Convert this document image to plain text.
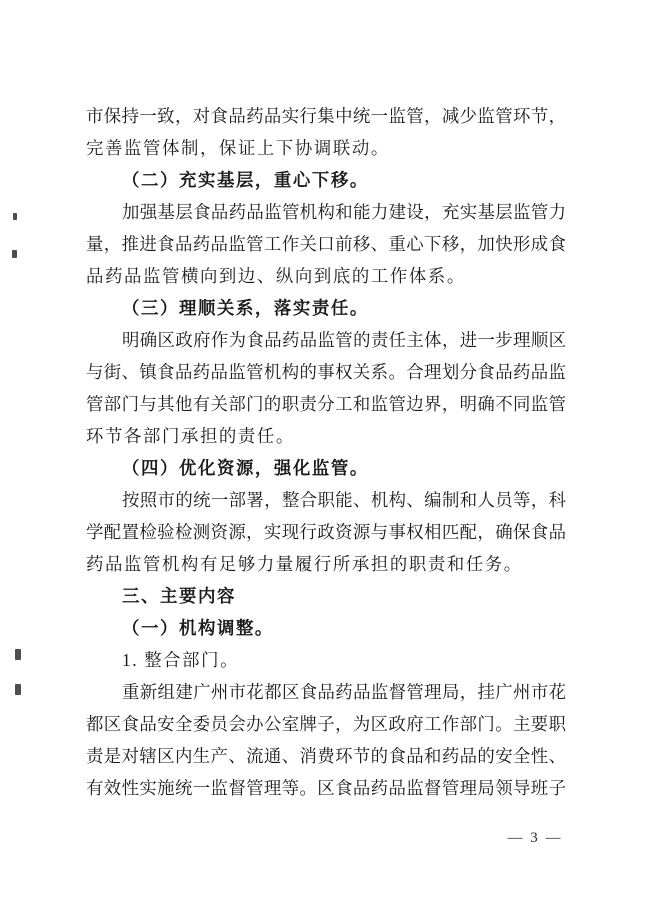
市保持一致，对食品药品实行集中统一监管，减少监管环节，
完善监管体制，保证上下协调联动。
（二）充实基层，重心下移。
加强基层食品药品监管机构和能力建设，充实基层监管力
量，推进食品药品监管工作关口前移、重心下移，加快形成食
品药品监管横向到边、纵向到底的工作体系。
（三）理顺关系，落实责任。
明确区政府作为食品药品监管的责任主体，进一步理顺区
与街、镇食品药品监管机构的事权关系。合理划分食品药品监
管部门与其他有关部门的职责分工和监管边界，明确不同监管
环节各部门承担的责任。
（四）优化资源，强化监管。
按照市的统一部署，整合职能、机构、编制和人员等，科
学配置检验检测资源，实现行政资源与事权相匹配，确保食品
药品监管机构有足够力量履行所承担的职责和任务。
三、主要内容
（一）机构调整。
1. 整合部门。
重新组建广州市花都区食品药品监督管理局，挂广州市花
都区食品安全委员会办公室牌子，为区政府工作部门。主要职
责是对辖区内生产、流通、消费环节的食品和药品的安全性、
有效性实施统一监督管理等。区食品药品监督管理局领导班子
— 3 —
